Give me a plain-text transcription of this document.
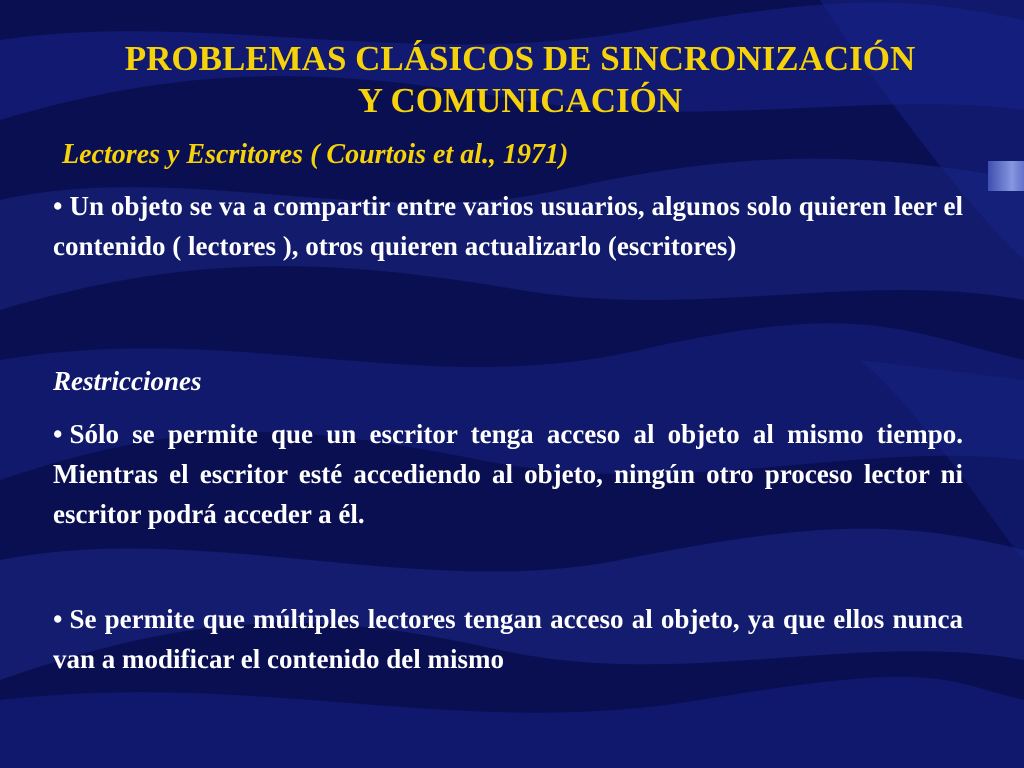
PROBLEMAS CLÁSICOS DE SINCRONIZACIÓN
Y COMUNICACIÓN

Lectores y Escritores ( Courtois et al., 1971)

• Un objeto se va a compartir entre varios usuarios, algunos solo quieren leer el contenido ( lectores ), otros quieren actualizarlo (escritores)

Restricciones

• Sólo se permite que un escritor tenga acceso al objeto al mismo tiempo. Mientras el escritor esté accediendo al objeto, ningún otro proceso lector ni escritor podrá acceder a él.

• Se permite que múltiples lectores tengan acceso al objeto, ya que ellos nunca van a modificar el contenido del mismo
